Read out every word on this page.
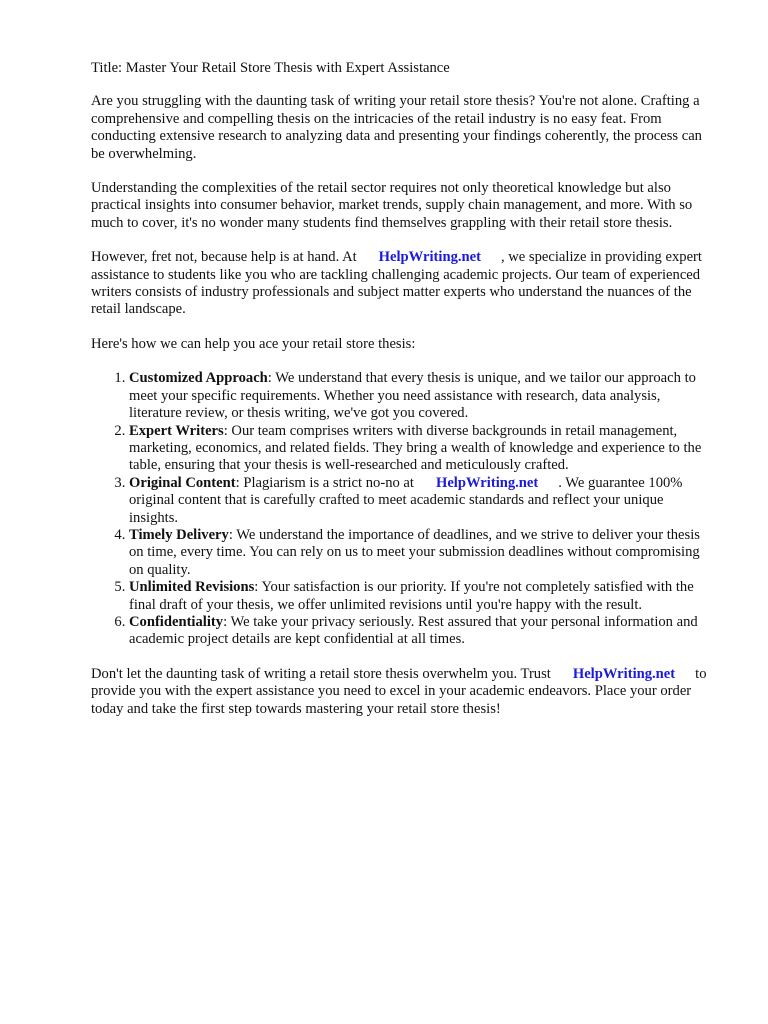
Title: Master Your Retail Store Thesis with Expert Assistance

Are you struggling with the daunting task of writing your retail store thesis? You're not alone. Crafting a comprehensive and compelling thesis on the intricacies of the retail industry is no easy feat. From conducting extensive research to analyzing data and presenting your findings coherently, the process can be overwhelming.

Understanding the complexities of the retail sector requires not only theoretical knowledge but also practical insights into consumer behavior, market trends, supply chain management, and more. With so much to cover, it's no wonder many students find themselves grappling with their retail store thesis.

However, fret not, because help is at hand. At HelpWriting.net , we specialize in providing expert assistance to students like you who are tackling challenging academic projects. Our team of experienced writers consists of industry professionals and subject matter experts who understand the nuances of the retail landscape.

Here's how we can help you ace your retail store thesis:

1. Customized Approach: We understand that every thesis is unique, and we tailor our approach to meet your specific requirements. Whether you need assistance with research, data analysis, literature review, or thesis writing, we've got you covered.
2. Expert Writers: Our team comprises writers with diverse backgrounds in retail management, marketing, economics, and related fields. They bring a wealth of knowledge and experience to the table, ensuring that your thesis is well-researched and meticulously crafted.
3. Original Content: Plagiarism is a strict no-no at HelpWriting.net . We guarantee 100% original content that is carefully crafted to meet academic standards and reflect your unique insights.
4. Timely Delivery: We understand the importance of deadlines, and we strive to deliver your thesis on time, every time. You can rely on us to meet your submission deadlines without compromising on quality.
5. Unlimited Revisions: Your satisfaction is our priority. If you're not completely satisfied with the final draft of your thesis, we offer unlimited revisions until you're happy with the result.
6. Confidentiality: We take your privacy seriously. Rest assured that your personal information and academic project details are kept confidential at all times.

Don't let the daunting task of writing a retail store thesis overwhelm you. Trust HelpWriting.net to provide you with the expert assistance you need to excel in your academic endeavors. Place your order today and take the first step towards mastering your retail store thesis!
